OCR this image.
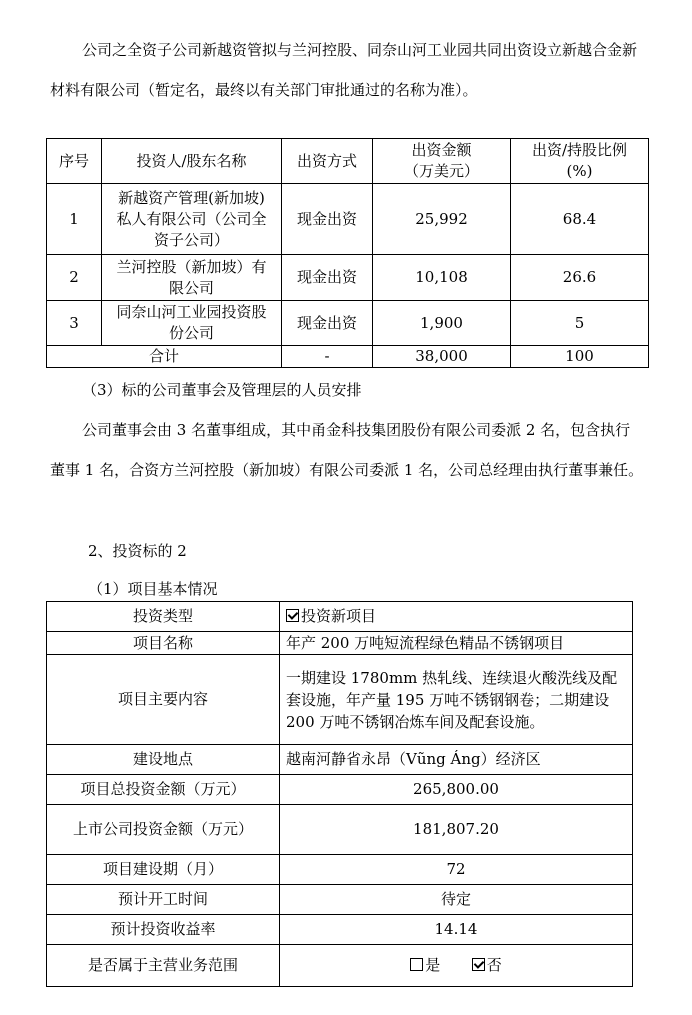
公司之全资子公司新越资管拟与兰河控股、同奈山河工业园共同出资设立新越合金新材料有限公司（暂定名，最终以有关部门审批通过的名称为准）。

序号	投资人/股东名称	出资方式	出资金额（万美元）	出资/持股比例(%)
1	新越资产管理(新加坡)私人有限公司（公司全资子公司）	现金出资	25,992	68.4
2	兰河控股（新加坡）有限公司	现金出资	10,108	26.6
3	同奈山河工业园投资股份公司	现金出资	1,900	5
合计		-	38,000	100

（3）标的公司董事会及管理层的人员安排

公司董事会由 3 名董事组成，其中甬金科技集团股份有限公司委派 2 名，包含执行董事 1 名，合资方兰河控股（新加坡）有限公司委派 1 名，公司总经理由执行董事兼任。

2、投资标的 2

（1）项目基本情况

投资类型	投资新项目
项目名称	年产 200 万吨短流程绿色精品不锈钢项目
项目主要内容	一期建设 1780mm 热轧线、连续退火酸洗线及配套设施，年产量 195 万吨不锈钢钢卷；二期建设 200 万吨不锈钢冶炼车间及配套设施。
建设地点	越南河静省永昂（Vũng Áng）经济区
项目总投资金额（万元）	265,800.00
上市公司投资金额（万元）	181,807.20
项目建设期（月）	72
预计开工时间	待定
预计投资收益率	14.14
是否属于主营业务范围	是 否
